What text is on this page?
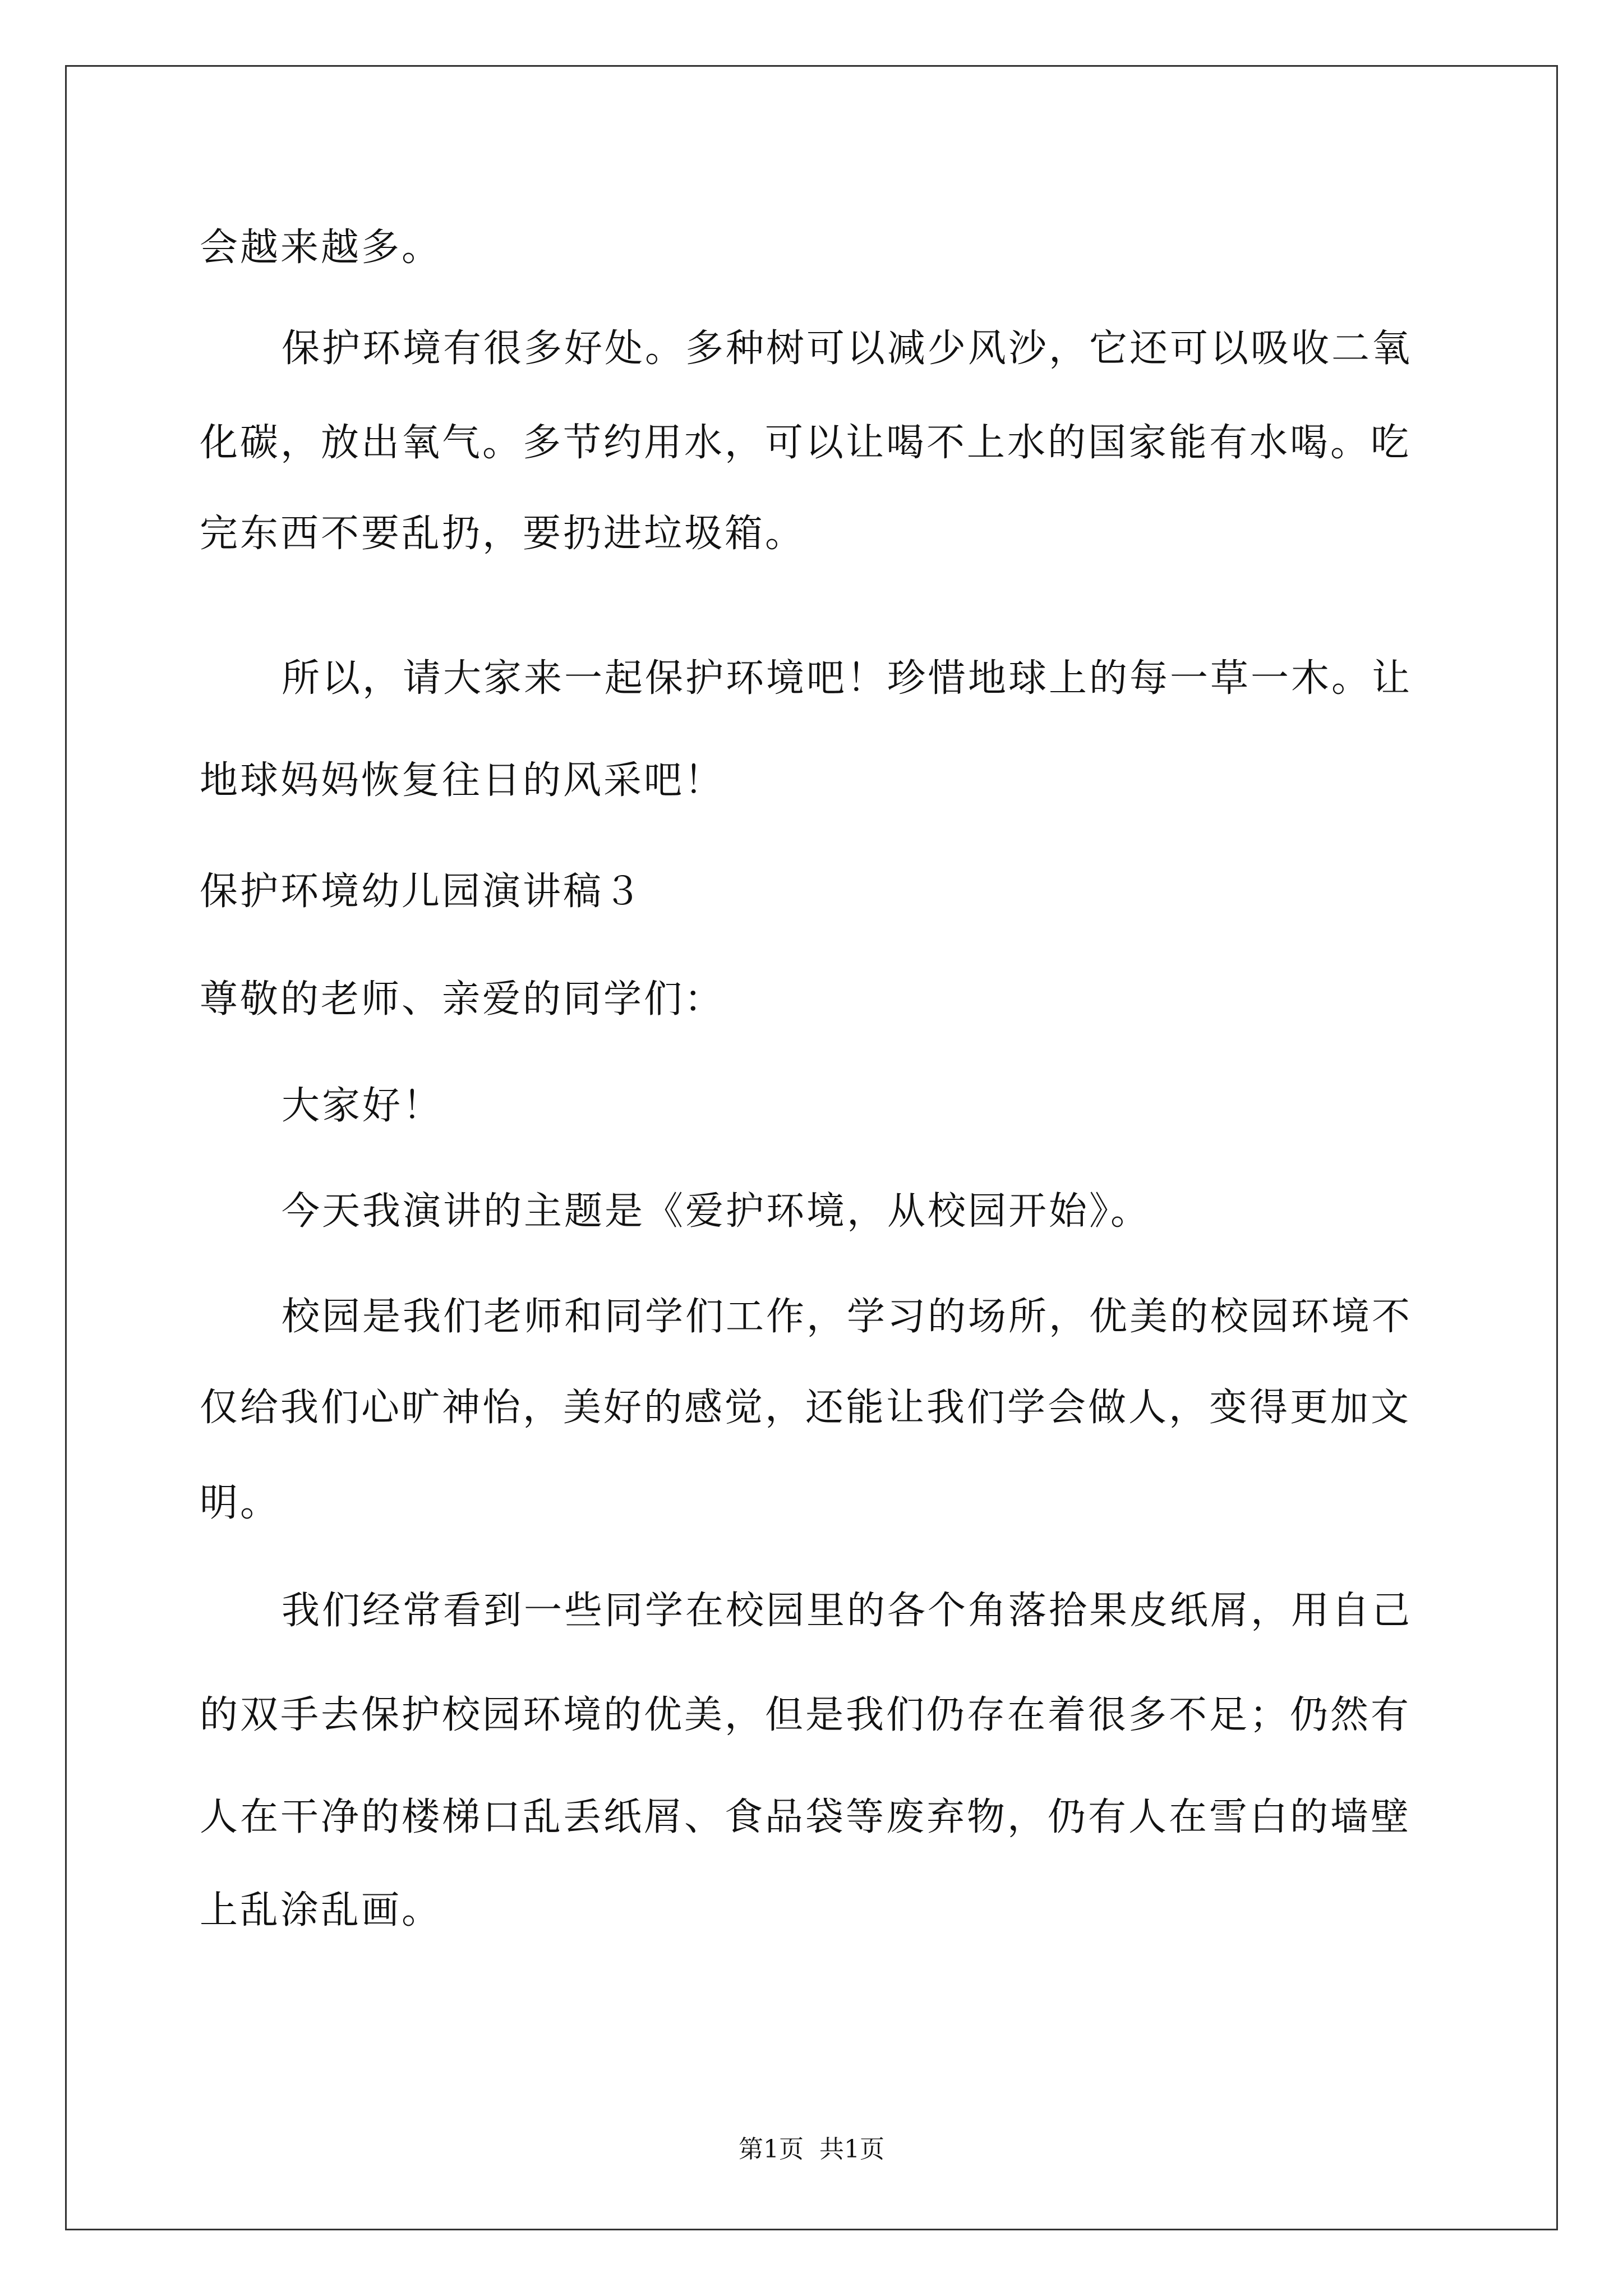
会越来越多。
保护环境有很多好处。多种树可以减少风沙，它还可以吸收二氧
化碳，放出氧气。多节约用水，可以让喝不上水的国家能有水喝。吃
完东西不要乱扔，要扔进垃圾箱。
所以，请大家来一起保护环境吧！珍惜地球上的每一草一木。让
地球妈妈恢复往日的风采吧！
保护环境幼儿园演讲稿３
尊敬的老师、亲爱的同学们：
大家好！
今天我演讲的主题是《爱护环境，从校园开始》。
校园是我们老师和同学们工作，学习的场所，优美的校园环境不
仅给我们心旷神怡，美好的感觉，还能让我们学会做人，变得更加文
明。
我们经常看到一些同学在校园里的各个角落拾果皮纸屑，用自己
的双手去保护校园环境的优美，但是我们仍存在着很多不足；仍然有
人在干净的楼梯口乱丢纸屑、食品袋等废弃物，仍有人在雪白的墙壁
上乱涂乱画。
第1页  共1页
